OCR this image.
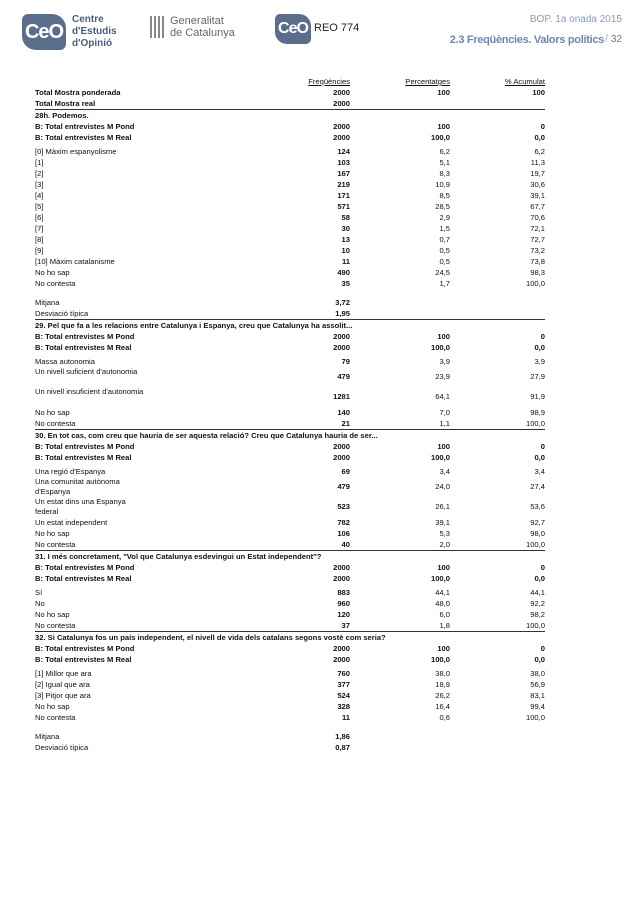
CeO
Centre
d'Estudis
d'Opinió
Generalitat
de Catalunya	CeO REO 774
BOP. 1a onada 2015
2.3 Freqüències. Valors polítics / 32
Freqüències	Percentatges	% Acumulat
Total Mostra ponderada	2000	100	100
Total Mostra real	2000
28h. Podemos.
B: Total entrevistes M Pond	2000	100	0
B: Total entrevistes M Real	2000	100,0	0,0
[0] Màxim espanyolisme	124	6,2	6,2
[1]	103	5,1	11,3
[2]	167	8,3	19,7
[3]	219	10,9	30,6
[4]	171	8,5	39,1
[5]	571	28,5	67,7
[6]	58	2,9	70,6
[7]	30	1,5	72,1
[8]	13	0,7	72,7
[9]	10	0,5	73,2
[10] Màxim catalanisme	11	0,5	73,8
No ho sap	490	24,5	98,3
No contesta	35	1,7	100,0
Mitjana	3,72
Desviació típica	1,95
29. Pel que fa a les relacions entre Catalunya i Espanya, creu que Catalunya ha assolit...
B: Total entrevistes M Pond	2000	100	0
B: Total entrevistes M Real	2000	100,0	0,0
Massa autonomia	79	3,9	3,9
Un nivell suficient d'autonomia
479	23,9	27,9
Un nivell insuficient d'autonomia
1281	64,1	91,9
No ho sap	140	7,0	98,9
No contesta	21	1,1	100,0
30. En tot cas, com creu que hauria de ser aquesta relació? Creu que Catalunya hauria de ser...
B: Total entrevistes M Pond	2000	100	0
B: Total entrevistes M Real	2000	100,0	0,0
Una regió d'Espanya	69	3,4	3,4
Una comunitat autònoma d'Espanya
479	24,0	27,4
Un estat dins una Espanya federal
523	26,1	53,6
Un estat independent	782	39,1	92,7
No ho sap	106	5,3	98,0
No contesta	40	2,0	100,0
31. I més concretament, "Vol que Catalunya esdevingui un Estat independent"?
B: Total entrevistes M Pond	2000	100	0
B: Total entrevistes M Real	2000	100,0	0,0
Sí	883	44,1	44,1
No	960	48,0	92,2
No ho sap	120	6,0	98,2
No contesta	37	1,8	100,0
32. Si Catalunya fos un país independent, el nivell de vida dels catalans segons vostè com seria?
B: Total entrevistes M Pond	2000	100	0
B: Total entrevistes M Real	2000	100,0	0,0
[1] Millor que ara	760	38,0	38,0
[2] Igual que ara	377	18,9	56,9
[3] Pitjor que ara	524	26,2	83,1
No ho sap	328	16,4	99,4
No contesta	11	0,6	100,0
Mitjana	1,86
Desviació típica	0,87
